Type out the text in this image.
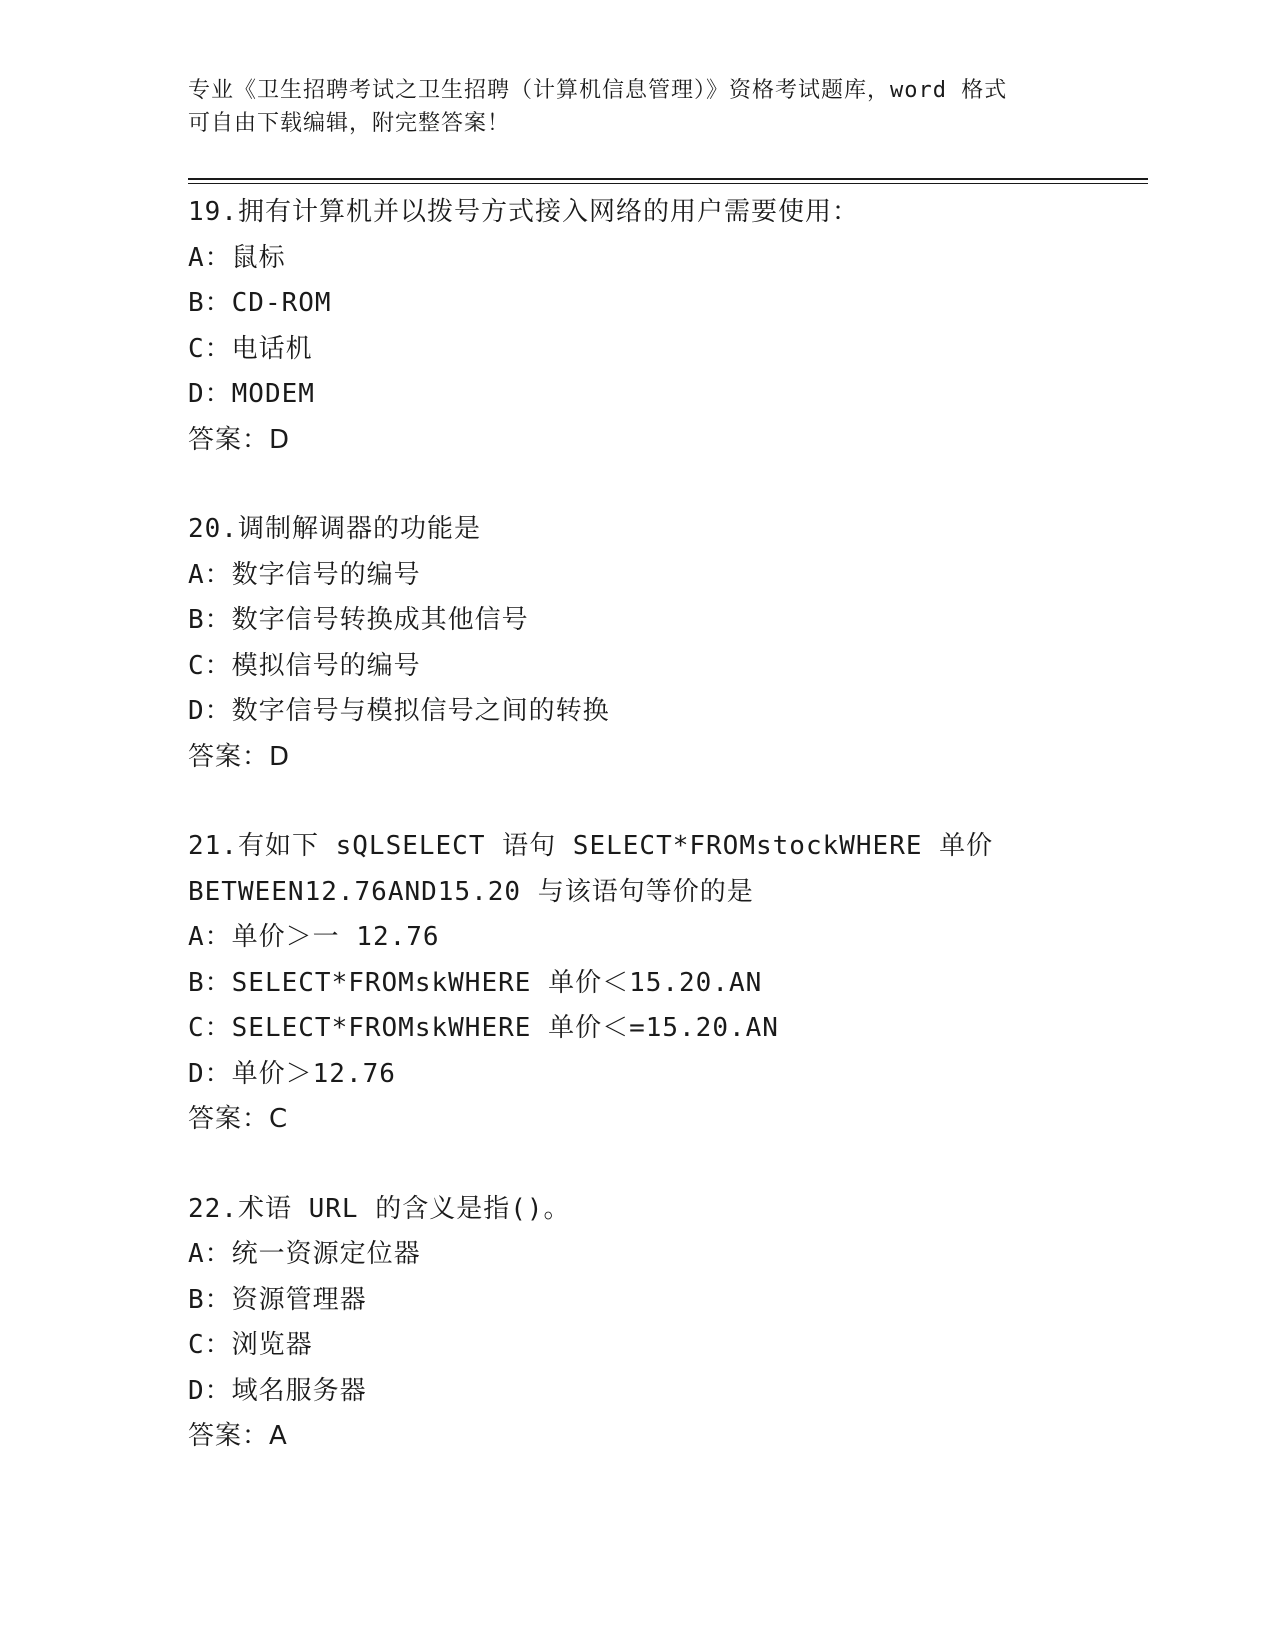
专业《卫生招聘考试之卫生招聘（计算机信息管理）》资格考试题库，word 格式
可自由下载编辑，附完整答案！
19.拥有计算机并以拨号方式接入网络的用户需要使用：
A：鼠标
B：CD-ROM
C：电话机
D：MODEM
答案：D
20.调制解调器的功能是
A：数字信号的编号
B：数字信号转换成其他信号
C：模拟信号的编号
D：数字信号与模拟信号之间的转换
答案：D
21.有如下 sQLSELECT 语句 SELECT*FROMstockWHERE 单价
BETWEEN12.76AND15.20 与该语句等价的是
A：单价＞一 12.76
B：SELECT*FROMskWHERE 单价＜15.20.AN
C：SELECT*FROMskWHERE 单价＜=15.20.AN
D：单价＞12.76
答案：C
22.术语 URL 的含义是指()。
A：统一资源定位器
B：资源管理器
C：浏览器
D：域名服务器
答案：A
